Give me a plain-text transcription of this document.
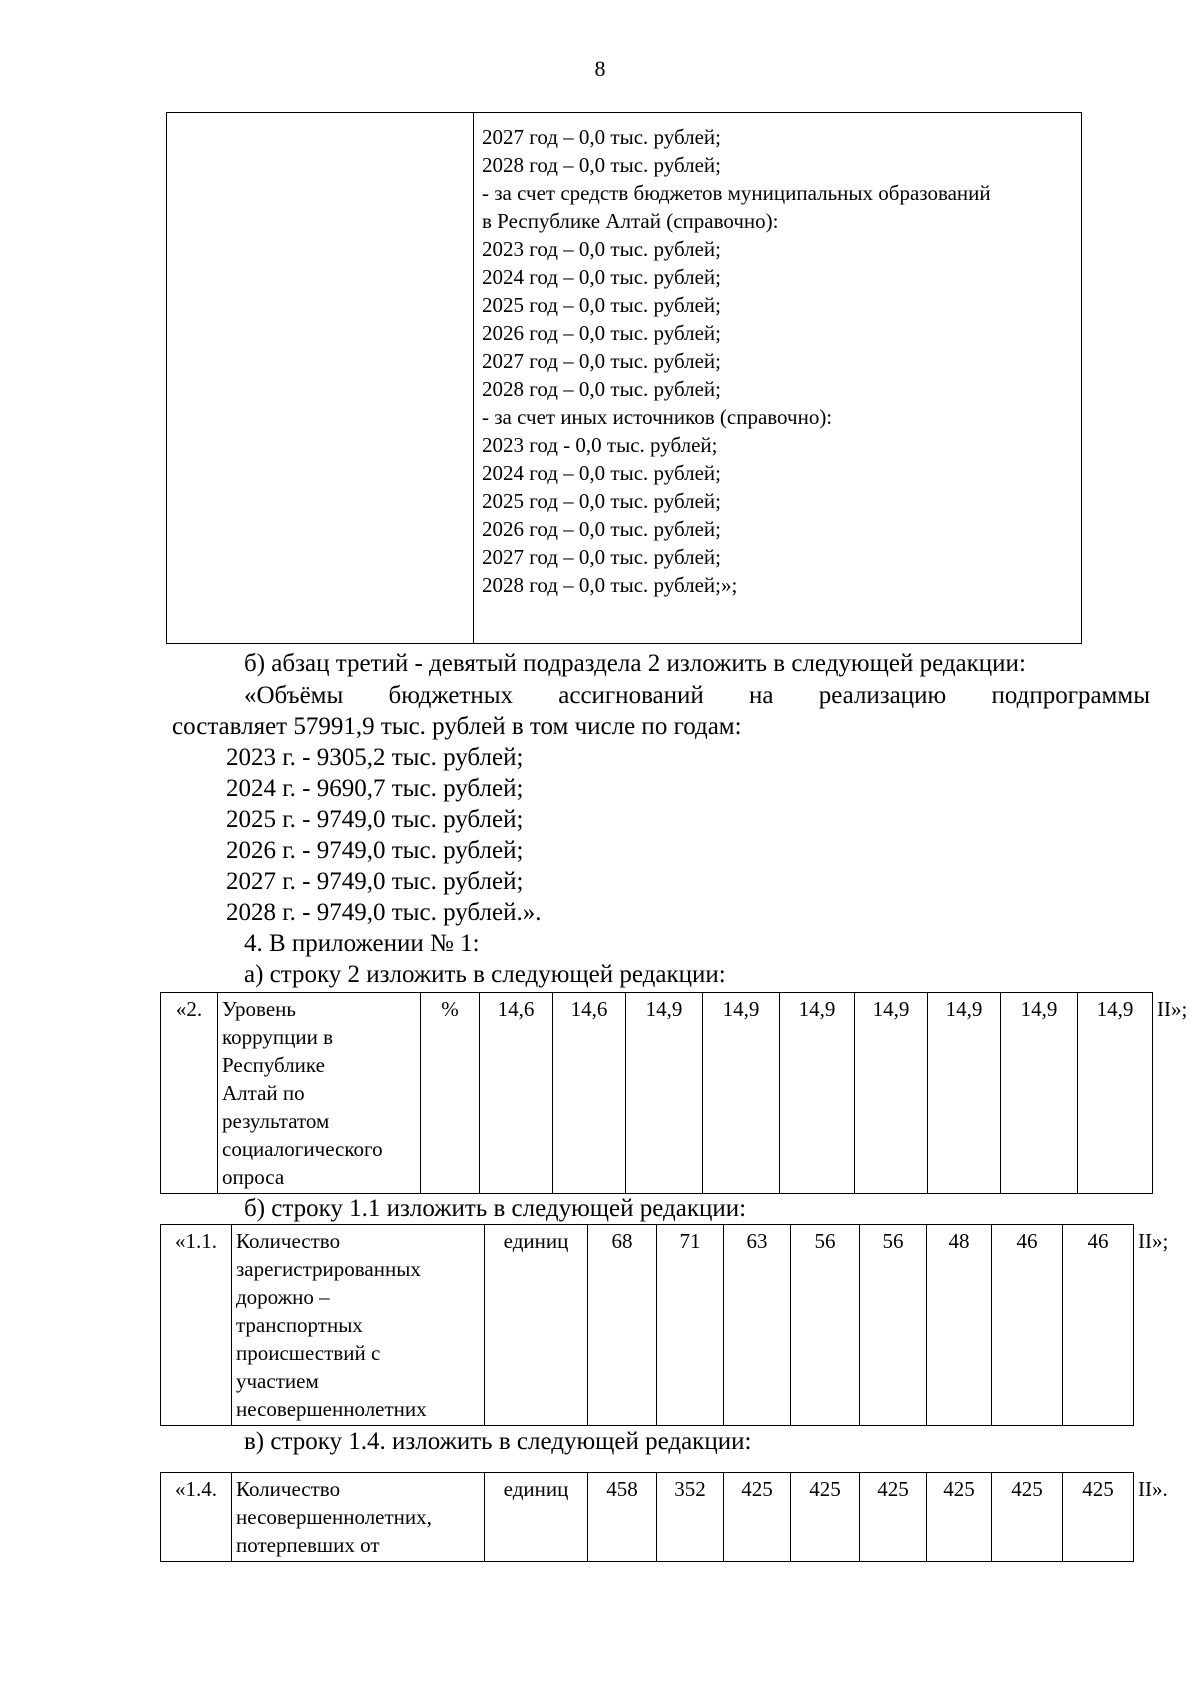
8

2027 год – 0,0 тыс. рублей;
2028 год – 0,0 тыс. рублей;
- за счет средств бюджетов муниципальных образований
в Республике Алтай (справочно):
2023 год – 0,0 тыс. рублей;
2024 год – 0,0 тыс. рублей;
2025 год – 0,0 тыс. рублей;
2026 год – 0,0 тыс. рублей;
2027 год – 0,0 тыс. рублей;
2028 год – 0,0 тыс. рублей;
- за счет иных источников (справочно):
2023 год - 0,0 тыс. рублей;
2024 год – 0,0 тыс. рублей;
2025 год – 0,0 тыс. рублей;
2026 год – 0,0 тыс. рублей;
2027 год – 0,0 тыс. рублей;
2028 год – 0,0 тыс. рублей;»;
б) абзац третий - девятый подраздела 2 изложить в следующей редакции:
«Объёмы бюджетных ассигнований на реализацию подпрограммы
составляет 57991,9 тыс. рублей в том числе по годам:
2023 г. - 9305,2 тыс. рублей;
2024 г. - 9690,7 тыс. рублей;
2025 г. - 9749,0 тыс. рублей;
2026 г. - 9749,0 тыс. рублей;
2027 г. - 9749,0 тыс. рублей;
2028 г. - 9749,0 тыс. рублей.».
4. В приложении № 1:
а) строку 2 изложить в следующей редакции:
«2.	Уровень
коррупции в
Республике
Алтай по
результатом
социалогического
опроса
	%	14,6	14,6	14,9	14,9	14,9	14,9	14,9	14,9	14,9	II»;
б) строку 1.1 изложить в следующей редакции:
«1.1.	Количество
зарегистрированных
дорожно –
транспортных
происшествий с
участием
несовершеннолетних
	единиц	68	71	63	56	56	48	46	46	II»;
в) строку 1.4. изложить в следующей редакции:
«1.4.	Количество
несовершеннолетних,
потерпевших от
	единиц	458	352	425	425	425	425	425	425	II».
